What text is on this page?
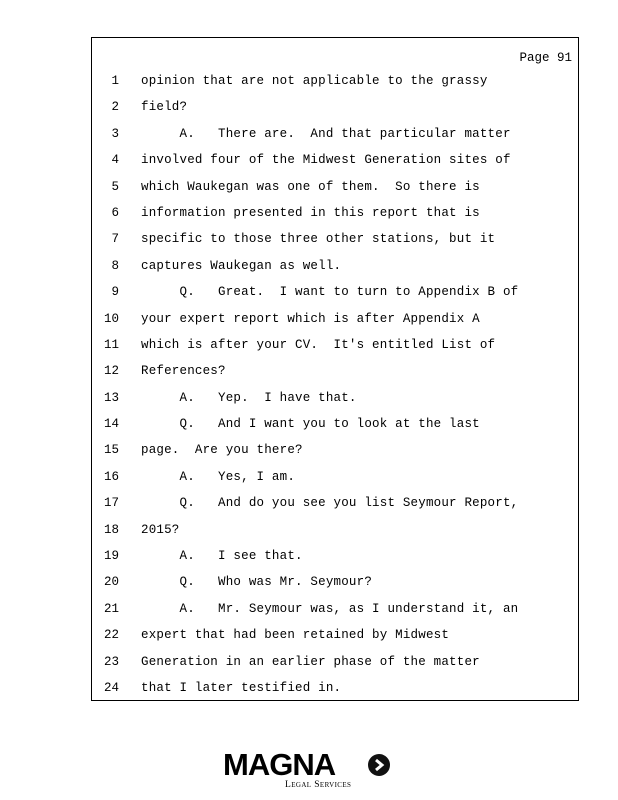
Page 91
1 opinion that are not applicable to the grassy
2 field?
3 A.   There are.  And that particular matter
4 involved four of the Midwest Generation sites of
5 which Waukegan was one of them.  So there is
6 information presented in this report that is
7 specific to those three other stations, but it
8 captures Waukegan as well.
9 Q.   Great.  I want to turn to Appendix B of
10 your expert report which is after Appendix A
11 which is after your CV.  It's entitled List of
12 References?
13 A.   Yep.  I have that.
14 Q.   And I want you to look at the last
15 page.  Are you there?
16 A.   Yes, I am.
17 Q.   And do you see you list Seymour Report,
18 2015?
19 A.   I see that.
20 Q.   Who was Mr. Seymour?
21 A.   Mr. Seymour was, as I understand it, an
22 expert that had been retained by Midwest
23 Generation in an earlier phase of the matter
24 that I later testified in.
MAGNA
Legal Services
